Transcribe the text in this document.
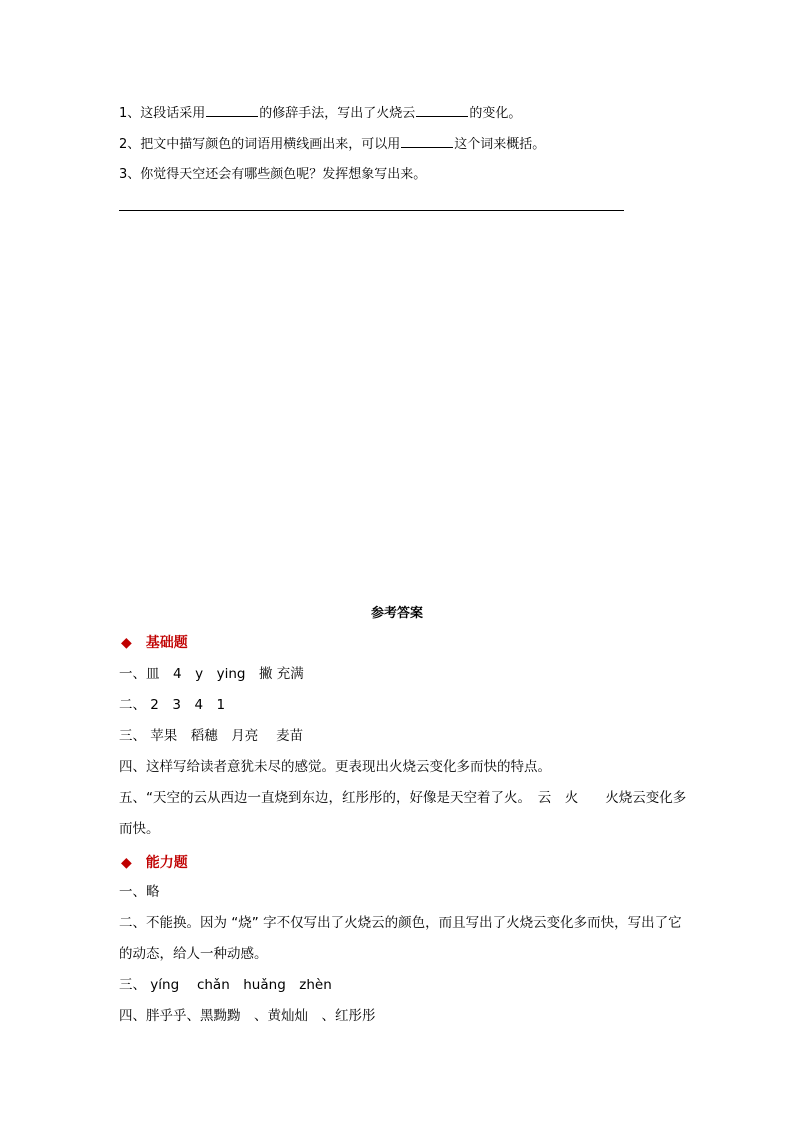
1、这段话采用	的修辞手法，写出了火烧云	的变化。
2、把文中描写颜色的词语用横线画出来，可以用	这个词来概括。
3、你觉得天空还会有哪些颜色呢？发挥想象写出来。
参考答案
◆ 基础题
一、皿　4　y　ying　撇 充满
二、 2　3　4　1
三、 苹果　稻穗　月亮　 麦苗
四、这样写给读者意犹未尽的感觉。更表现出火烧云变化多而快的特点。
五、“天空的云从西边一直烧到东边，红彤彤的，好像是天空着了火。　云　火　　火烧云变化多而快。
◆ 能力题
一、略
二、不能换。因为 “烧” 字不仅写出了火烧云的颜色，而且写出了火烧云变化多而快，写出了它的动态，给人一种动感。
三、 yíng　 chǎn　huǎng　zhèn
四、胖乎乎、黑黝黝　、黄灿灿　、红彤彤
